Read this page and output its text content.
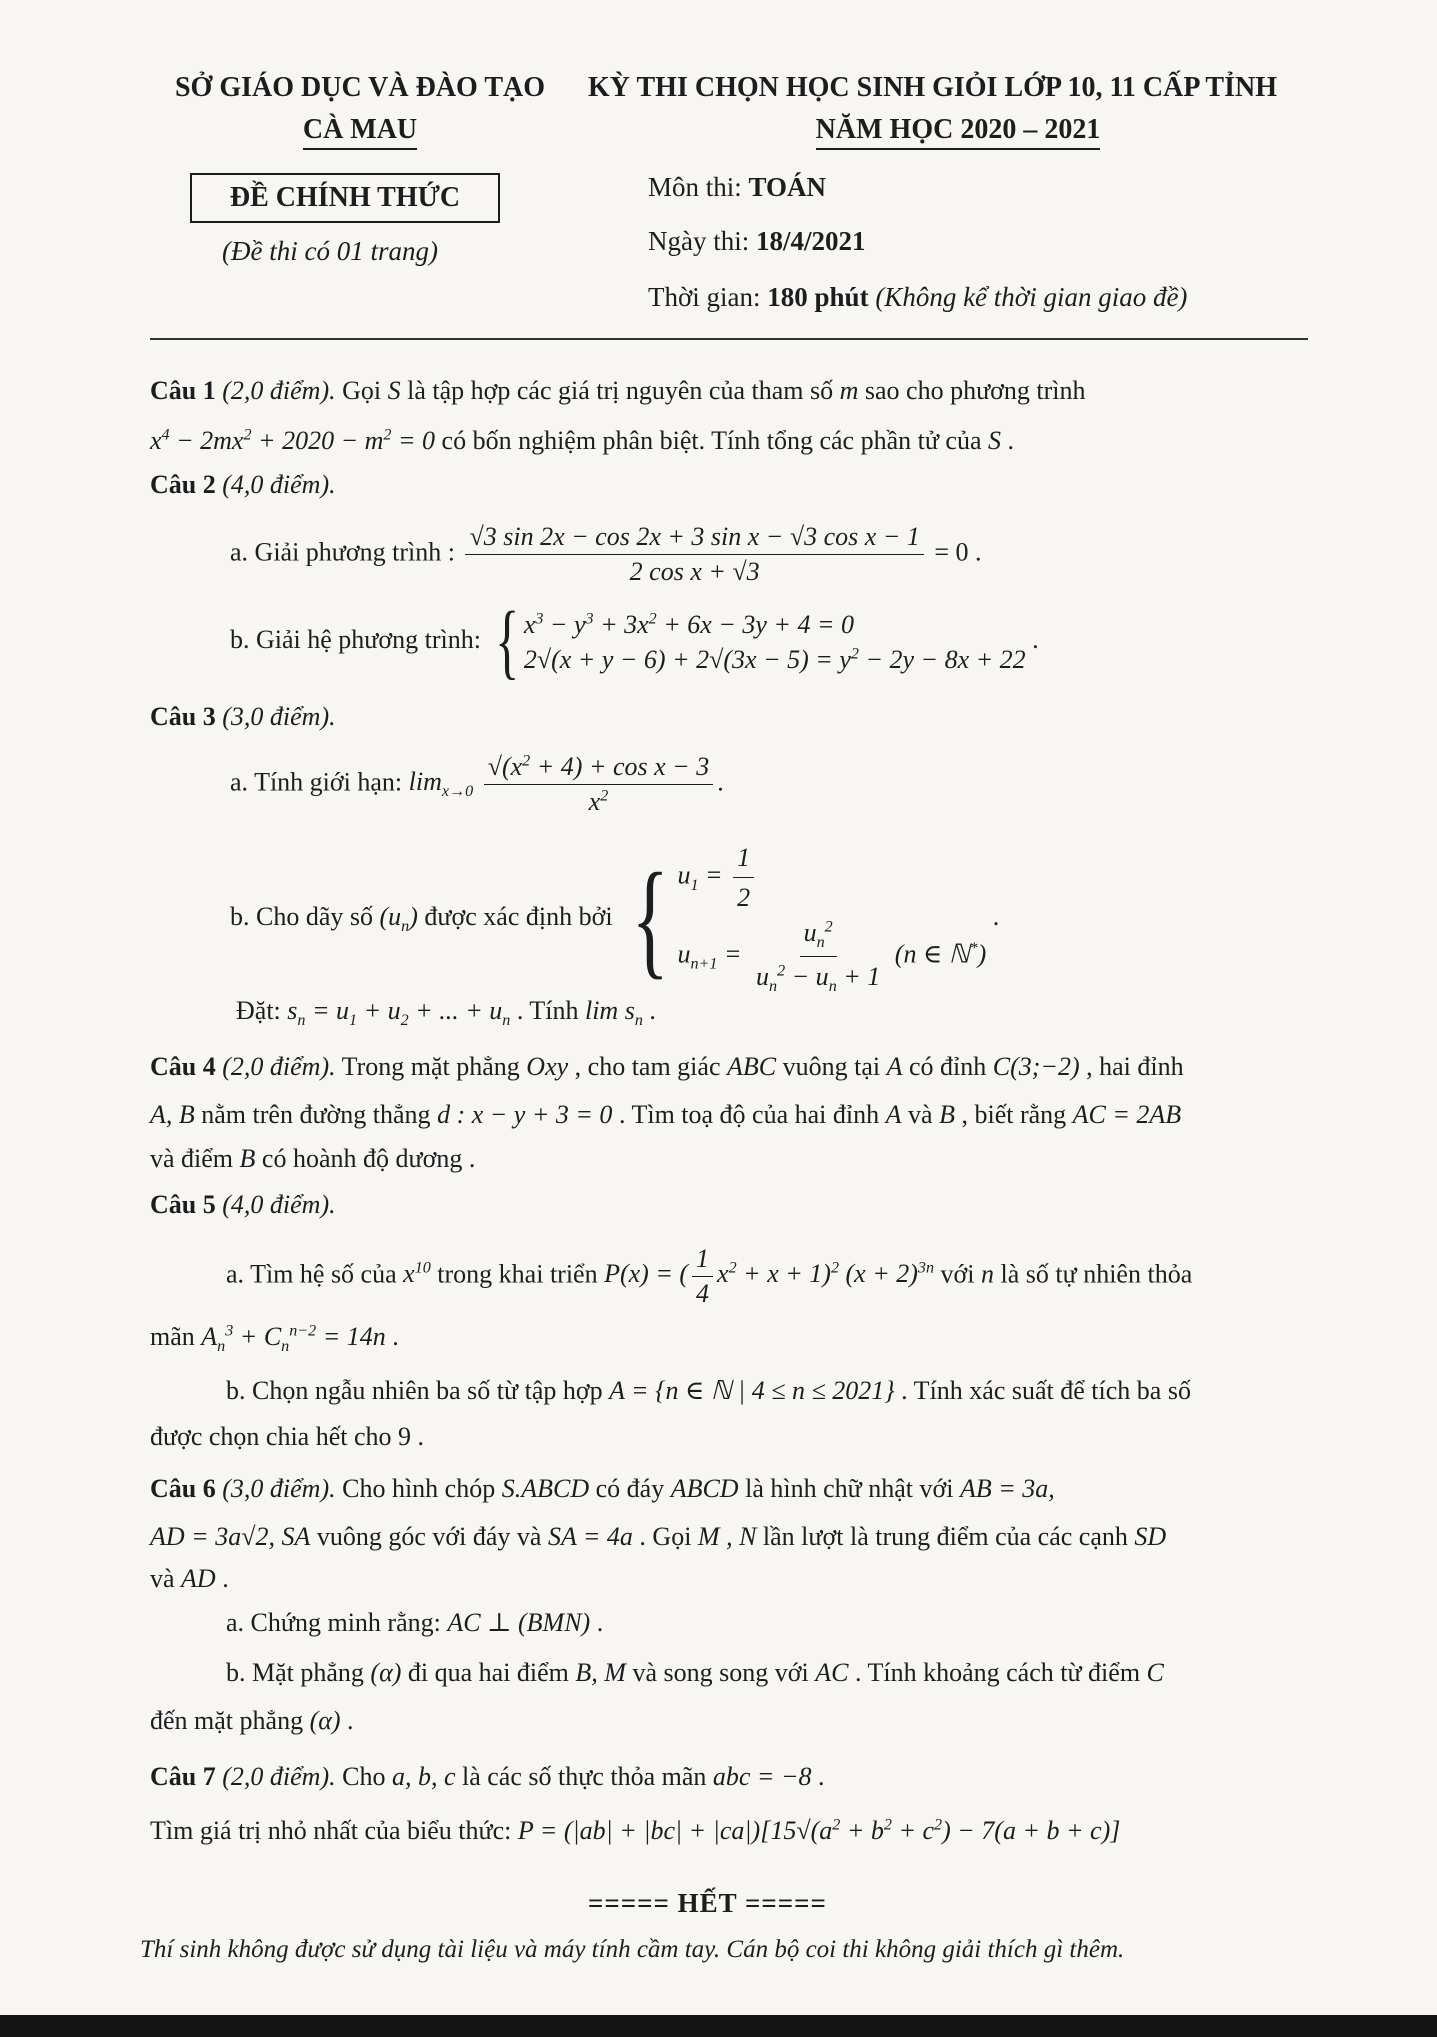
SỞ GIÁO DỤC VÀ ĐÀO TẠO
CÀ MAU
KỲ THI CHỌN HỌC SINH GIỎI LỚP 10, 11 CẤP TỈNH
NĂM HỌC 2020 – 2021
ĐỀ CHÍNH THỨC
(Đề thi có 01 trang)
Môn thi: TOÁN
Ngày thi: 18/4/2021
Thời gian: 180 phút (Không kể thời gian giao đề)
Câu 1 (2,0 điểm). Gọi S là tập hợp các giá trị nguyên của tham số m sao cho phương trình
$x^4 - 2mx^2 + 2020 - m^2 = 0$ có bốn nghiệm phân biệt. Tính tổng các phần tử của S .
Câu 2 (4,0 điểm).
a. Giải phương trình : $\frac{\text{√3 sin 2x − cos 2x + 3 sin x − √3 cos x − 1}}{\text{2 cos x + √3}} = 0$ .
b. Giải hệ phương trình: { $x^3 - y^3 + 3x^2 + 6x - 3y + 4 = 0$
$2√(x + y - 6) + 2√(3x - 5) = y^2 - 2y - 8x + 22$
.
Câu 3 (3,0 điểm).
a. Tính giới hạn: $\lim_{x\to 0} \frac{√(x^2 + 4) + \cos x - 3}{x^2}$ .
b. Cho dãy số $(u_n)$ được xác định bởi { $u_1 = \frac{1}{2}$
$u_{n+1} = \frac{u_n^2}{u_n^2 - u_n + 1} (n$ ∈ ℕ*)
.
Đặt: $s_n = u_1 + u_2$ + ... + $u_n$ . Tính $\lim s_n$ .
Câu 4 (2,0 điểm). Trong mặt phẳng Oxy , cho tam giác ABC vuông tại A có đỉnh C(3;−2) , hai đỉnh
A, B nằm trên đường thẳng d : x − y + 3 = 0 . Tìm toạ độ của hai đỉnh A và B , biết rằng AC = 2AB
và điểm B có hoành độ dương .
Câu 5 (4,0 điểm).
a. Tìm hệ số của $x^{10}$ trong khai triển P(x) = ( $\frac{1}{4} x^2 + x + 1)^2$ $(x + 2)^{3n}$ với n là số tự nhiên thỏa
mãn $A_n^3 + C_n^{n-2} = 14n$ .
b. Chọn ngẫu nhiên ba số từ tập hợp A = {n ∈ ℕ | 4 ≤ n ≤ 2021} . Tính xác suất để tích ba số
được chọn chia hết cho 9 .
Câu 6 (3,0 điểm). Cho hình chóp S.ABCD có đáy ABCD là hình chữ nhật với AB = 3a,
AD = 3a√2, SA vuông góc với đáy và SA = 4a . Gọi M , N lần lượt là trung điểm của các cạnh SD
và AD .
a. Chứng minh rằng: AC ⊥ (BMN) .
b. Mặt phẳng (α) đi qua hai điểm B, M và song song với AC . Tính khoảng cách từ điểm C
đến mặt phẳng (α) .
Câu 7 (2,0 điểm). Cho a, b, c là các số thực thỏa mãn abc = −8 .
Tìm giá trị nhỏ nhất của biểu thức: $P = (|ab| + |bc| + |ca|)[15√(a^2 + b^2 + c^2) - 7(a + b + c)]$
===== HẾT =====
Thí sinh không được sử dụng tài liệu và máy tính cầm tay. Cán bộ coi thi không giải thích gì thêm.
